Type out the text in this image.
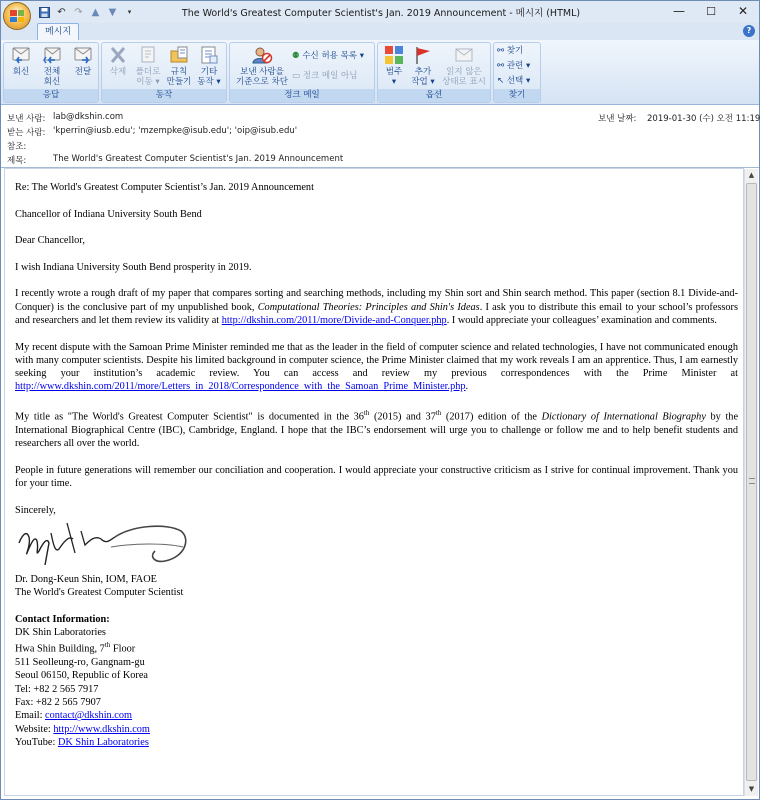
↶ ↷ ▲ ▼	▾	The World's Greatest Computer Scientist's Jan. 2019 Announcement - 메시지 (HTML)	— ☐ ✕
메시지	?
회신	전체
회신
전달
응답
삭제	폴더로
이동 ▾
규칙
만들기
기타
동작 ▾
동작
보낸 사람을
기준으로 차단
⚉ 수신 허용 목록 ▾
▭ 정크 메일 아님
정크 메일
범주
▾
추가
작업 ▾
읽지 않은
상태로 표시
옵션
⚯ 찾기
⚯ 관련 ▾
↖ 선택 ▾
찾기
보낸 사람: lab@dkshin.com	보낸 날짜: 2019-01-30 (수) 오전 11:19
받는 사람: 'kperrin@iusb.edu'; 'mzempke@isub.edu'; 'oip@isub.edu'
참조:
제목:	The World's Greatest Computer Scientist's Jan. 2019 Announcement

Re: The World's Greatest Computer Scientist’s Jan. 2019 Announcement

Chancellor of Indiana University South Bend

Dear Chancellor,

I wish Indiana University South Bend prosperity in 2019.

I recently wrote a rough draft of my paper that compares sorting and searching methods, including my Shin sort and Shin search method. This paper (section 8.1 Divide-and-Conquer) is the conclusive part of my unpublished book, Computational Theories: Principles and Shin's Ideas. I ask you to distribute this email to your school’s professors and researchers and let them review its validity at http://dkshin.com/2011/more/Divide-and-Conquer.php. I would appreciate your colleagues’ examination and comments.

My recent dispute with the Samoan Prime Minister reminded me that as the leader in the field of computer science and related technologies, I have not communicated enough with many computer scientists. Despite his limited background in computer science, the Prime Minister claimed that my work reveals I am an apprentice. Thus, I am earnestly seeking your institution’s academic review. You can access and review my previous correspondences with the Prime Minister at http://www.dkshin.com/2011/more/Letters_in_2018/Correspondence_with_the_Samoan_Prime_Minister.php.

My title as "The World's Greatest Computer Scientist" is documented in the 36th (2015) and 37th (2017) edition of the Dictionary of International Biography by the International Biographical Centre (IBC), Cambridge, England. I hope that the IBC’s endorsement will urge you to challenge or follow me and to help benefit students and researchers all over the world.

People in future generations will remember our conciliation and cooperation. I would appreciate your constructive criticism as I strive for continual improvement. Thank you for your time.

Sincerely,
Dr. Dong-Keun Shin, IOM, FAOE
The World's Greatest Computer Scientist
Contact Information:
DK Shin Laboratories
Hwa Shin Building, 7th Floor
511 Seolleung-ro, Gangnam-gu
Seoul 06150, Republic of Korea
Tel: +82 2 565 7917
Fax: +82 2 565 7907
Email: contact@dkshin.com
Website: http://www.dkshin.com
YouTube: DK Shin Laboratories
▲
▼
